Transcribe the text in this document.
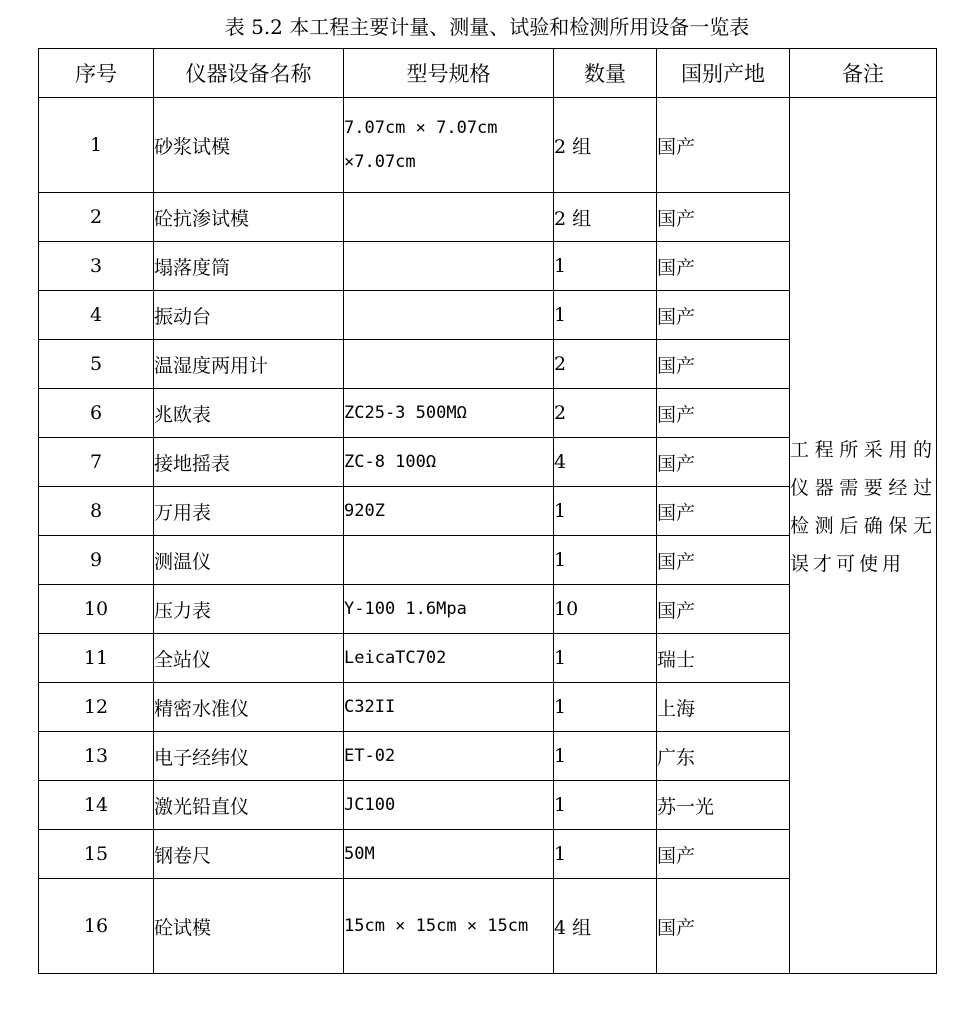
表 5.2 本工程主要计量、测量、试验和检测所用设备一览表
序号	仪器设备名称	型号规格	数量	国别产地	备注
1	砂浆试模	7.07cm × 7.07cm ×7.07cm	2 组	国产	工程所采用的仪器需要经过检测后确保无误才可使用

2	砼抗渗试模		2 组	国产	
3	塌落度筒		1	国产	
4	振动台		1	国产	
5	温湿度两用计		2	国产	
6	兆欧表	ZC25-3 500MΩ	2	国产	
7	接地摇表	ZC-8 100Ω	4	国产	
8	万用表	920Z	1	国产	
9	测温仪		1	国产	
10	压力表	Y-100 1.6Mpa	10	国产	
11	全站仪	LeicaTC702	1	瑞士	
12	精密水准仪	C32II	1	上海	
13	电子经纬仪	ET-02	1	广东	
14	激光铅直仪	JC100	1	苏一光	
15	钢卷尺	50M	1	国产	
16	砼试模	15cm × 15cm × 15cm	4 组	国产	
